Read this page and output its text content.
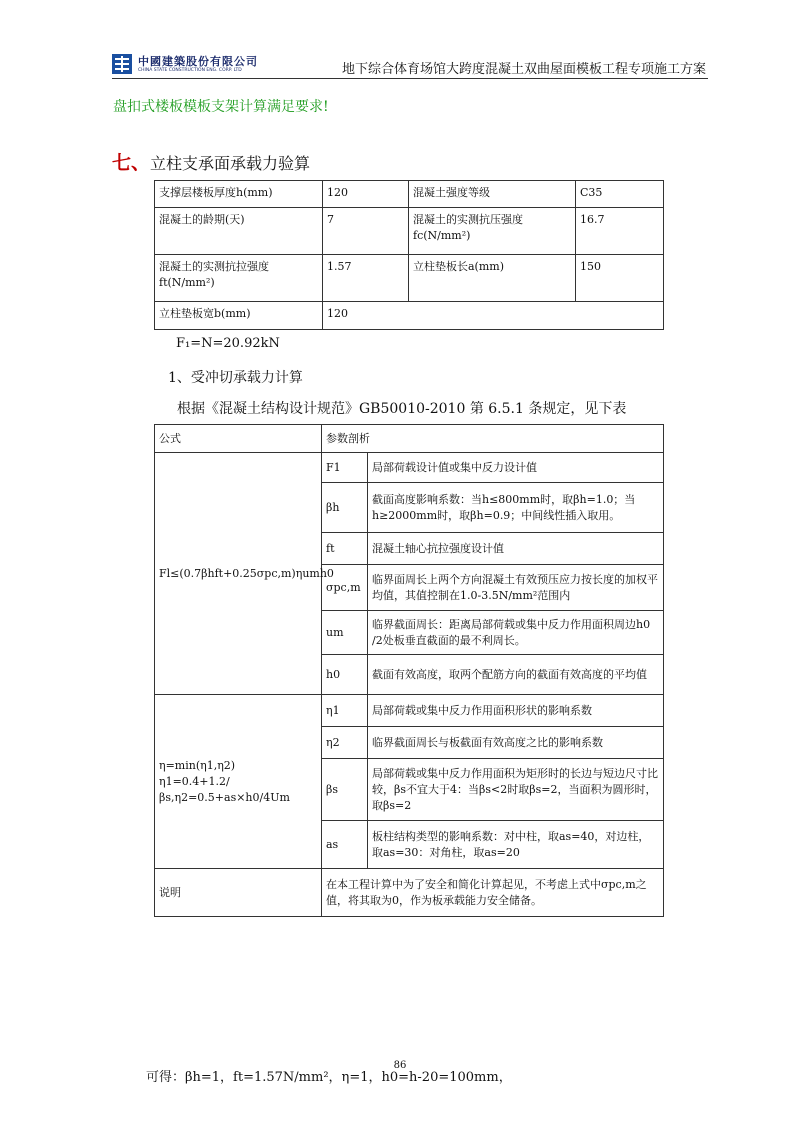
中國建築股份有限公司
CHINA STATE CONSTRUCTION ENG. CORP. LTD	地下综合体育场馆大跨度混凝土双曲屋面模板工程专项施工方案
盘扣式楼板模板支架计算满足要求!
七、立柱支承面承载力验算
支撑层楼板厚度h(mm)	120	混凝土强度等级	C35
混凝土的龄期(天)	7	混凝土的实测抗压强度 fc(N/mm²)	16.7
混凝土的实测抗拉强度 ft(N/mm²)	1.57	立柱垫板长a(mm)	150
立柱垫板宽b(mm)	120		
F₁=N=20.92kN
1、受冲切承载力计算
根据《混凝土结构设计规范》GB50010-2010 第 6.5.1 条规定，见下表
公式	参数剖析	
Fl≤(0.7βhft+0.25σpc,m)ηumh0	F1	局部荷载设计值或集中反力设计值
	βh	截面高度影响系数：当h≤800mm时，取βh=1.0；当h≥2000mm时，取βh=0.9；中间线性插入取用。
	ft	混凝土轴心抗拉强度设计值
	σpc,m	临界面周长上两个方向混凝土有效预压应力按长度的加权平均值，其值控制在1.0-3.5N/mm²范围内
	um	临界截面周长：距离局部荷载或集中反力作用面积周边h0 /2处板垂直截面的最不利周长。
	h0	截面有效高度，取两个配筋方向的截面有效高度的平均值

η=min(η1,η2)
η1=0.4+1.2/βs,η2=0.5+as×h0/4Um	η1	局部荷载或集中反力作用面积形状的影响系数
	η2	临界截面周长与板截面有效高度之比的影响系数
	βs	局部荷载或集中反力作用面积为矩形时的长边与短边尺寸比较，βs不宜大于4：当βs<2时取βs=2，当面积为圆形时，取βs=2
	as	板柱结构类型的影响系数：对中柱，取as=40，对边柱，取as=30：对角柱，取as=20
说明	在本工程计算中为了安全和简化计算起见，不考虑上式中σpc,m之值，将其取为0，作为板承载能力安全储备。	
可得：βh=1，ft=1.57N/mm²，η=1，h0=h-20=100mm，
86
